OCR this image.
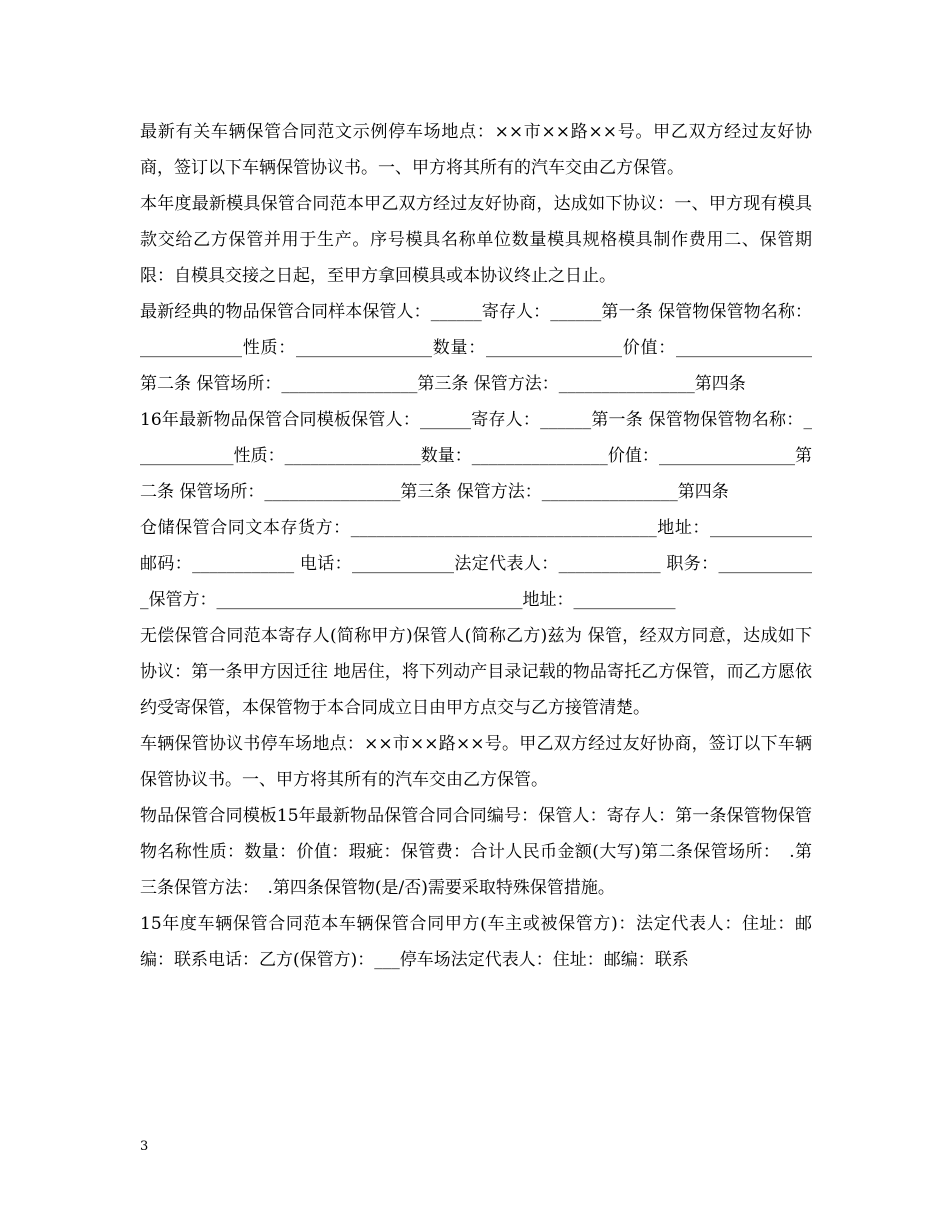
最新有关车辆保管合同范文示例停车场地点：××市××路××号。甲乙双方经过友好协商，签订以下车辆保管协议书。一、甲方将其所有的汽车交由乙方保管。

本年度最新模具保管合同范本甲乙双方经过友好协商，达成如下协议：一、甲方现有模具　款交给乙方保管并用于生产。序号模具名称单位数量模具规格模具制作费用二、保管期限：自模具交接之日起，至甲方拿回模具或本协议终止之日止。

最新经典的物品保管合同样本保管人：______寄存人：______第一条 保管物保管物名称：____________性质：________________数量：________________价值：________________第二条 保管场所：________________第三条 保管方法：________________第四条

16年最新物品保管合同模板保管人：______寄存人：______第一条 保管物保管物名称：____________性质：________________数量：________________价值：________________第二条 保管场所：________________第三条 保管方法：________________第四条

仓储保管合同文本存货方：____________________________________地址：____________ 邮码：____________ 电话：____________法定代表人：____________ 职务：____________保管方：____________________________________地址：____________

无偿保管合同范本寄存人(简称甲方)保管人(简称乙方)兹为 保管，经双方同意，达成如下协议：第一条甲方因迁往 地居住，将下列动产目录记载的物品寄托乙方保管，而乙方愿依约受寄保管，本保管物于本合同成立日由甲方点交与乙方接管清楚。

车辆保管协议书停车场地点：××市××路××号。甲乙双方经过友好协商，签订以下车辆保管协议书。一、甲方将其所有的汽车交由乙方保管。

物品保管合同模板15年最新物品保管合同合同编号：保管人：寄存人：第一条保管物保管物名称性质：数量：价值：瑕疵：保管费：合计人民币金额(大写)第二条保管场所：　.第三条保管方法：　.第四条保管物(是/否)需要采取特殊保管措施。

15年度车辆保管合同范本车辆保管合同甲方(车主或被保管方)：法定代表人：住址：邮编：联系电话：乙方(保管方)：___停车场法定代表人：住址：邮编：联系

3
